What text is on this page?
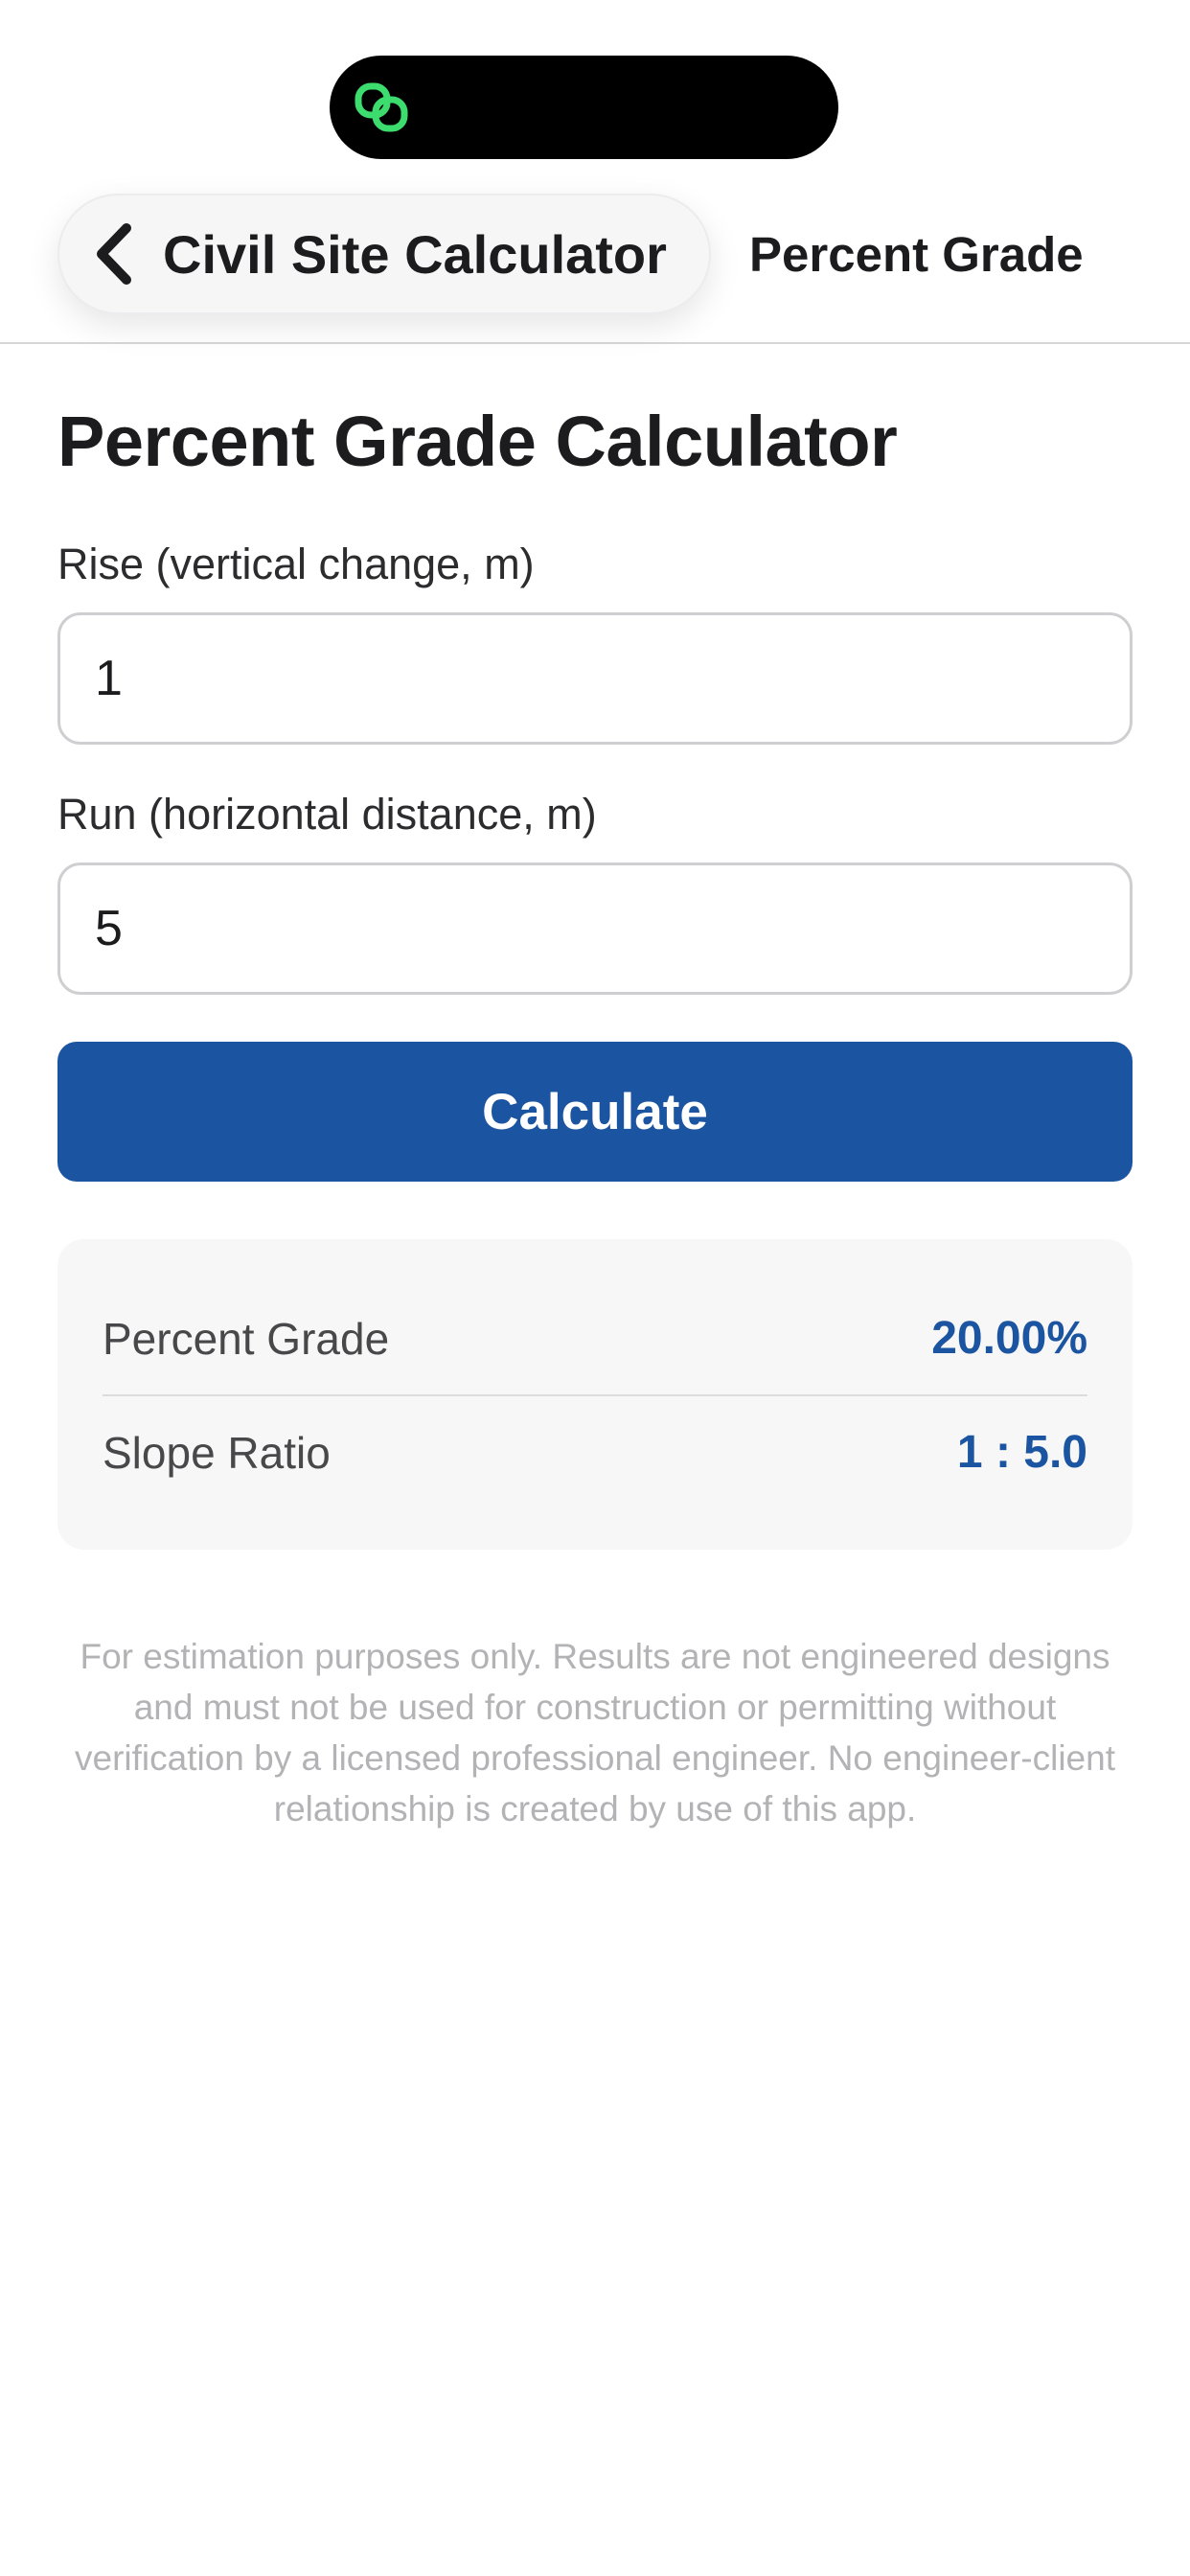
Civil Site Calculator Percent Grade
Percent Grade Calculator
Rise (vertical change, m)
1
Run (horizontal distance, m)
5
Calculate
Percent Grade	20.00%
Slope Ratio	1 : 5.0
For estimation purposes only. Results are not engineered designs and must not be used for construction or permitting without verification by a licensed professional engineer. No engineer-client relationship is created by use of this app.
